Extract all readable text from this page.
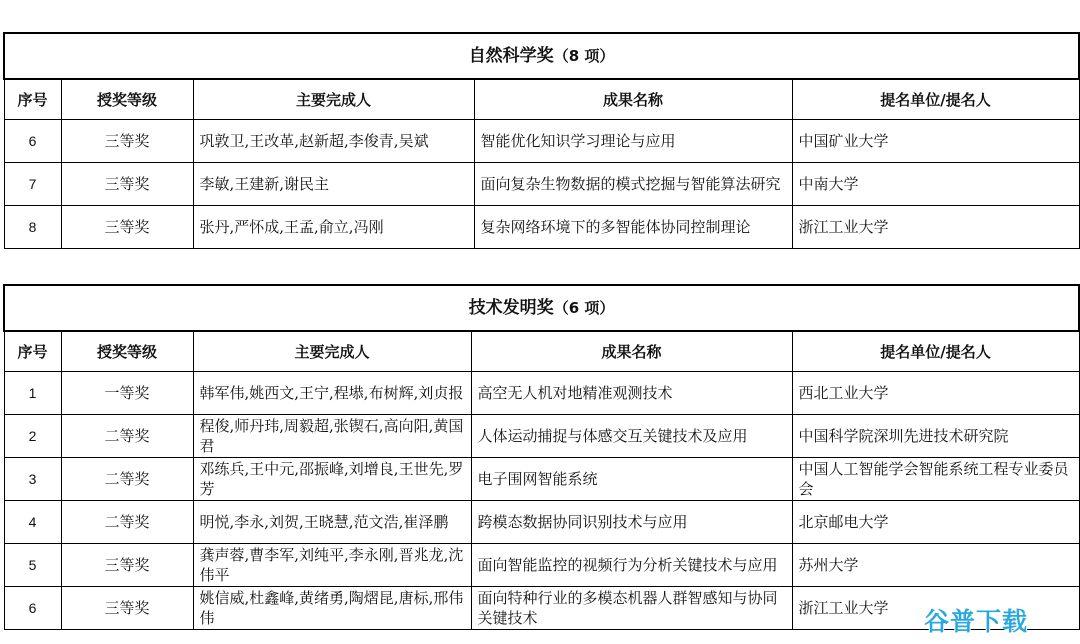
自然科学奖（8 项）				
序号	授奖等级	主要完成人	成果名称	提名单位/提名人
6	三等奖	巩敦卫,王改革,赵新超,李俊青,吴斌	智能优化知识学习理论与应用	中国矿业大学
7	三等奖	李敏,王建新,谢民主	面向复杂生物数据的模式挖掘与智能算法研究	中南大学
8	三等奖	张丹,严怀成,王孟,俞立,冯刚	复杂网络环境下的多智能体协同控制理论	浙江工业大学
技术发明奖（6 项）				
序号	授奖等级	主要完成人	成果名称	提名单位/提名人
1	一等奖	韩军伟,姚西文,王宁,程塨,布树辉,刘贞报	高空无人机对地精准观测技术	西北工业大学
2	二等奖	程俊,师丹玮,周毅超,张锲石,高向阳,黄国君	人体运动捕捉与体感交互关键技术及应用	中国科学院深圳先进技术研究院
3	二等奖	邓练兵,王中元,邵振峰,刘增良,王世先,罗芳	电子围网智能系统	中国人工智能学会智能系统工程专业委员会
4	二等奖	明悦,李永,刘贺,王晓慧,范文浩,崔泽鹏	跨模态数据协同识别技术与应用	北京邮电大学
5	三等奖	龚声蓉,曹李军,刘纯平,李永刚,晋兆龙,沈伟平	面向智能监控的视频行为分析关键技术与应用	苏州大学
6	三等奖	姚信威,杜鑫峰,黄绪勇,陶熠昆,唐标,邢伟伟	面向特种行业的多模态机器人群智感知与协同关键技术	浙江工业大学 谷普下载
